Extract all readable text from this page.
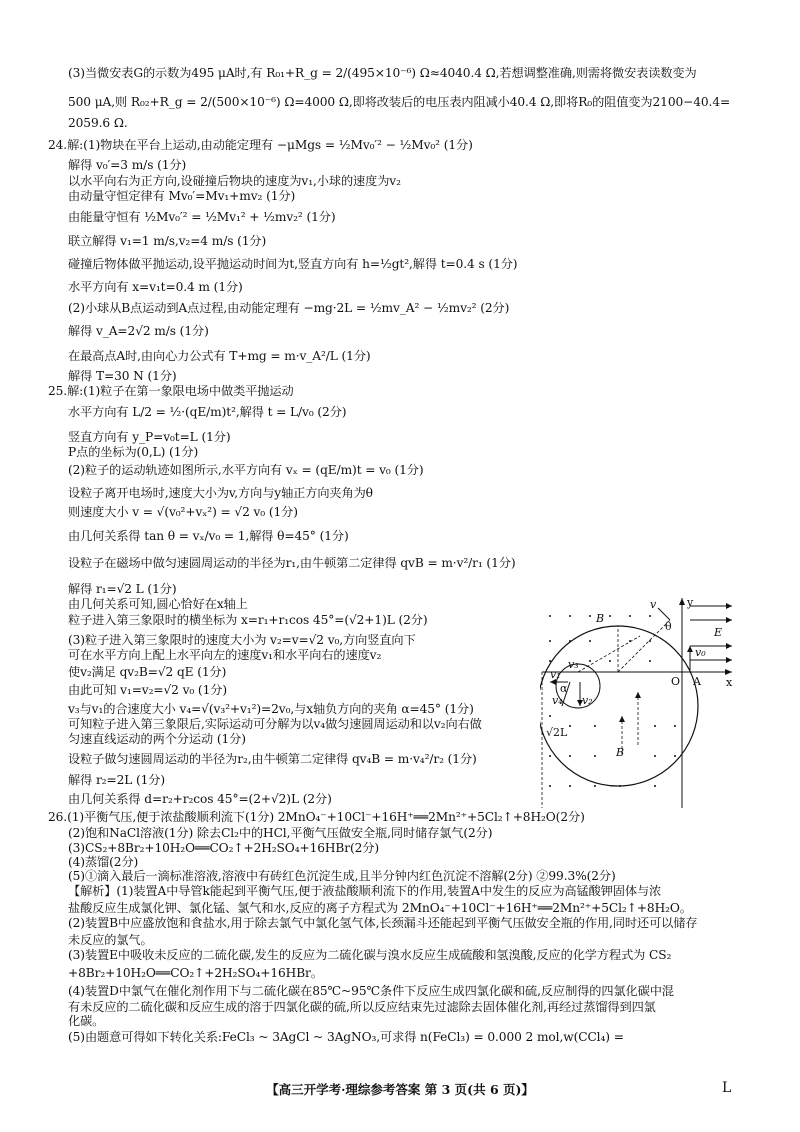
(3)当微安表G的示数为495 μA时,有 R₀₁+R_g = 2/(495×10⁻⁶) Ω≈4040.4 Ω,若想调整准确,则需将微安表读数变为
500 μA,则 R₀₂+R_g = 2/(500×10⁻⁶) Ω=4000 Ω,即将改装后的电压表内阻减小40.4 Ω,即将R₀的阻值变为2100−40.4=
2059.6 Ω.
24.解:(1)物块在平台上运动,由动能定理有 −μMgs = ½Mv₀′² − ½Mv₀² (1分)
解得 v₀′=3 m/s (1分)
以水平向右为正方向,设碰撞后物块的速度为v₁,小球的速度为v₂
由动量守恒定律有 Mv₀′=Mv₁+mv₂ (1分)
由能量守恒有 ½Mv₀′² = ½Mv₁² + ½mv₂² (1分)
联立解得 v₁=1 m/s,v₂=4 m/s (1分)
碰撞后物体做平抛运动,设平抛运动时间为t,竖直方向有 h=½gt²,解得 t=0.4 s (1分)
水平方向有 x=v₁t=0.4 m (1分)
(2)小球从B点运动到A点过程,由动能定理有 −mg·2L = ½mv_A² − ½mv₂² (2分)
解得 v_A=2√2 m/s (1分)
在最高点A时,由向心力公式有 T+mg = m·v_A²/L (1分)
解得 T=30 N (1分)
25.解:(1)粒子在第一象限电场中做类平抛运动
水平方向有 L/2 = ½·(qE/m)t²,解得 t = L/v₀ (2分)
竖直方向有 y_P=v₀t=L (1分)
P点的坐标为(0,L) (1分)
(2)粒子的运动轨迹如图所示,水平方向有 vₓ = (qE/m)t = v₀ (1分)
设粒子离开电场时,速度大小为v,方向与y轴正方向夹角为θ
则速度大小 v = √(v₀²+vₓ²) = √2 v₀ (1分)
由几何关系得 tan θ = vₓ/v₀ = 1,解得 θ=45° (1分)
设粒子在磁场中做匀速圆周运动的半径为r₁,由牛顿第二定律得 qvB = m·v²/r₁ (1分)
解得 r₁=√2 L (1分)
由几何关系可知,圆心恰好在x轴上
粒子进入第三象限时的横坐标为 x=r₁+r₁cos 45°=(√2+1)L (2分)
(3)粒子进入第三象限时的速度大小为 v₂=v=√2 v₀,方向竖直向下
可在水平方向上配上水平向左的速度v₁和水平向右的速度v₂
使v₂满足 qv₂B=√2 qE (1分)
由此可知 v₁=v₂=√2 v₀ (1分)
v₃与v₁的合速度大小 v₄=√(v₃²+v₁²)=2v₀,与x轴负方向的夹角 α=45° (1分)
可知粒子进入第三象限后,实际运动可分解为以v₄做匀速圆周运动和以v₂向右做
匀速直线运动的两个分运动 (1分)
设粒子做匀速圆周运动的半径为r₂,由牛顿第二定律得 qv₄B = m·v₄²/r₂ (1分)
解得 r₂=2L (1分)
由几何关系得 d=r₂+r₂cos 45°=(2+√2)L (2分)
26.(1)平衡气压,便于浓盐酸顺利流下(1分) 2MnO₄⁻+10Cl⁻+16H⁺══2Mn²⁺+5Cl₂↑+8H₂O(2分)
(2)饱和NaCl溶液(1分) 除去Cl₂中的HCl,平衡气压做安全瓶,同时储存氯气(2分)
(3)CS₂+8Br₂+10H₂O══CO₂↑+2H₂SO₄+16HBr(2分)
(4)蒸馏(2分)
(5)①滴入最后一滴标准溶液,溶液中有砖红色沉淀生成,且半分钟内红色沉淀不溶解(2分) ②99.3%(2分)
【解析】(1)装置A中导管k能起到平衡气压,便于液盐酸顺利流下的作用,装置A中发生的反应为高锰酸钾固体与浓
盐酸反应生成氯化钾、氯化锰、氯气和水,反应的离子方程式为 2MnO₄⁻+10Cl⁻+16H⁺══2Mn²⁺+5Cl₂↑+8H₂O。
(2)装置B中应盛放饱和食盐水,用于除去氯气中氯化氢气体,长颈漏斗还能起到平衡气压做安全瓶的作用,同时还可以储存
未反应的氯气。
(3)装置E中吸收未反应的二硫化碳,发生的反应为二硫化碳与溴水反应生成硫酸和氢溴酸,反应的化学方程式为 CS₂
+8Br₂+10H₂O══CO₂↑+2H₂SO₄+16HBr。
(4)装置D中氯气在催化剂作用下与二硫化碳在85℃~95℃条件下反应生成四氯化碳和硫,反应制得的四氯化碳中混
有未反应的二硫化碳和反应生成的溶于四氯化碳的硫,所以反应结束先过滤除去固体催化剂,再经过蒸馏得到四氯
化碳。
(5)由题意可得如下转化关系:FeCl₃ ~ 3AgCl ~ 3AgNO₃,可求得 n(FeCl₃) = 0.000 2 mol,w(CCl₄) =
y
x
O A
E
B
B
θ
v
v₀
v₁
v₂
v₃
v₄
√2L
α
【高三开学考·理综参考答案 第 3 页(共 6 页)】	L
